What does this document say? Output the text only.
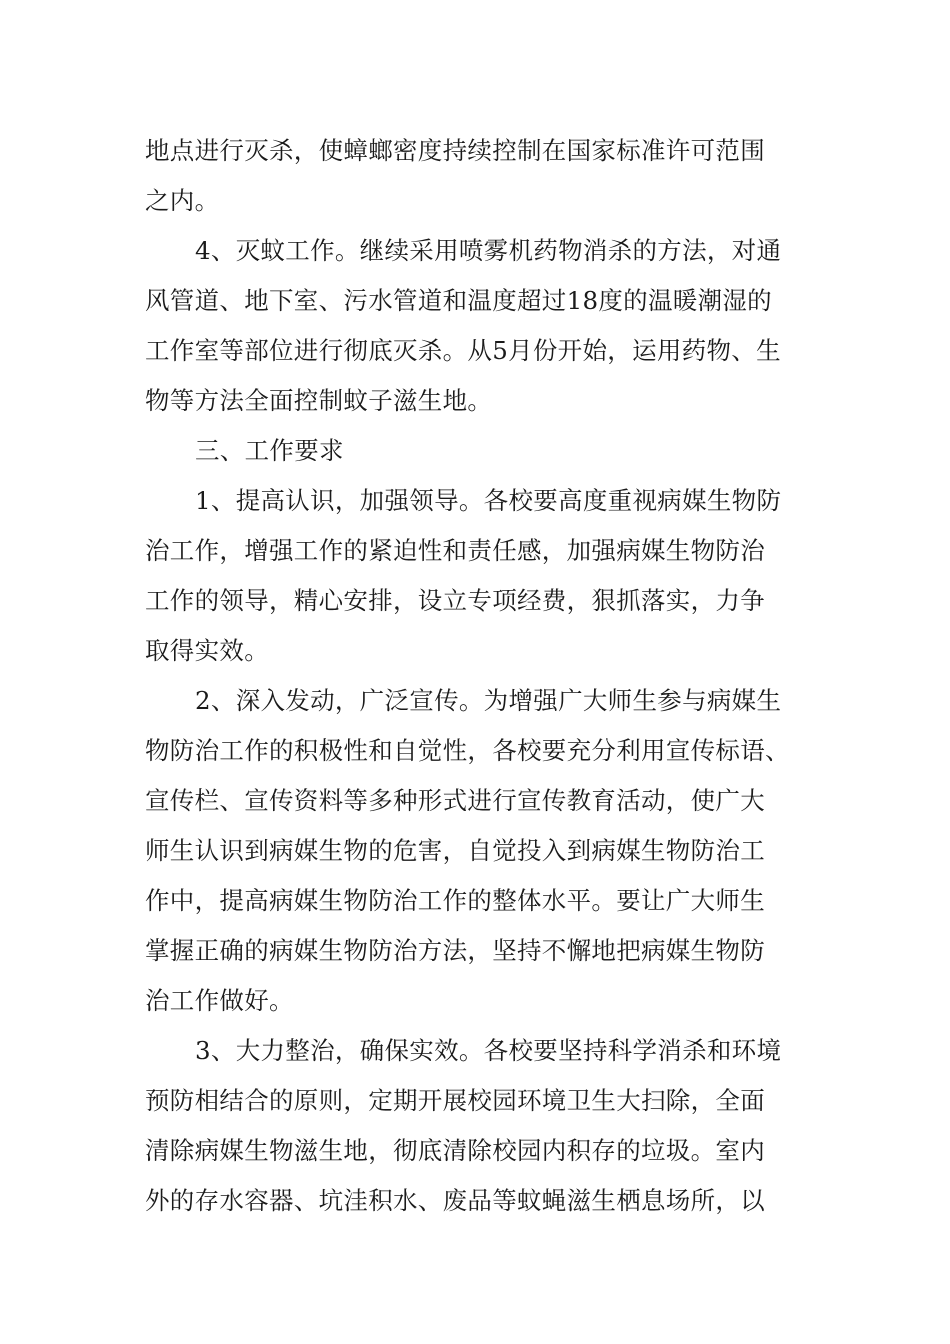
地点进行灭杀，使蟑螂密度持续控制在国家标准许可范围
之内。
4、灭蚊工作。继续采用喷雾机药物消杀的方法，对通
风管道、地下室、污水管道和温度超过18度的温暖潮湿的
工作室等部位进行彻底灭杀。从5月份开始，运用药物、生
物等方法全面控制蚊子滋生地。
三、工作要求
1、提高认识，加强领导。各校要高度重视病媒生物防
治工作，增强工作的紧迫性和责任感，加强病媒生物防治
工作的领导，精心安排，设立专项经费，狠抓落实，力争
取得实效。
2、深入发动，广泛宣传。为增强广大师生参与病媒生
物防治工作的积极性和自觉性，各校要充分利用宣传标语、
宣传栏、宣传资料等多种形式进行宣传教育活动，使广大
师生认识到病媒生物的危害，自觉投入到病媒生物防治工
作中，提高病媒生物防治工作的整体水平。要让广大师生
掌握正确的病媒生物防治方法，坚持不懈地把病媒生物防
治工作做好。
3、大力整治，确保实效。各校要坚持科学消杀和环境
预防相结合的原则，定期开展校园环境卫生大扫除，全面
清除病媒生物滋生地，彻底清除校园内积存的垃圾。室内
外的存水容器、坑洼积水、废品等蚊蝇滋生栖息场所，以
